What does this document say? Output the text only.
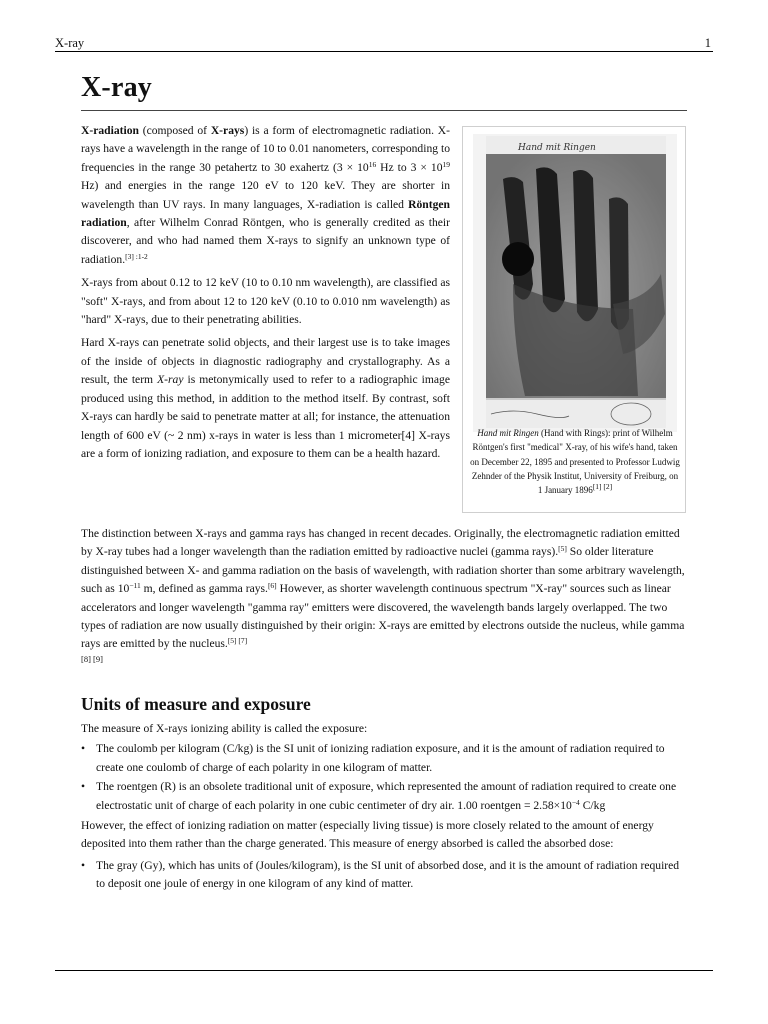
X-ray	1
X-ray

X-radiation (composed of X-rays) is a form of electromagnetic radiation. X-rays have a wavelength in the range of 10 to 0.01 nanometers, corresponding to frequencies in the range 30 petahertz to 30 exahertz ($3 \times 10^{16}$ Hz to $3 \times 10^{19}$ Hz) and energies in the range 120 eV to 120 keV. They are shorter in wavelength than UV rays. In many languages, X-radiation is called Röntgen radiation, after Wilhelm Conrad Röntgen, who is generally credited as their discoverer, and who had named them X-rays to signify an unknown type of radiation.$^{[3] :1-2}$

X-rays from about 0.12 to 12 keV (10 to 0.10 nm wavelength), are classified as "soft" X-rays, and from about 12 to 120 keV (0.10 to 0.010 nm wavelength) as "hard" X-rays, due to their penetrating abilities.

Hard X-rays can penetrate solid objects, and their largest use is to take images of the inside of objects in diagnostic radiography and crystallography. As a result, the term X-ray is metonymically used to refer to a radiographic image produced using this method, in addition to the method itself. By contrast, soft X-rays can hardly be said to penetrate matter at all; for instance, the attenuation length of 600 eV (~ 2 nm) x-rays in water is less than 1 micrometer[4] X-rays are a form of ionizing radiation, and exposure to them can be a health hazard.

Hand mit Ringen
Hand mit Ringen (Hand with Rings): print of Wilhelm Röntgen's first "medical" X-ray, of his wife's hand, taken on December 22, 1895 and presented to Professor Ludwig Zehnder of the Physik Institut, University of Freiburg, on 1 January 1896[1] [2]
The distinction between X-rays and gamma rays has changed in recent decades. Originally, the electromagnetic radiation emitted by X-ray tubes had a longer wavelength than the radiation emitted by radioactive nuclei (gamma rays).[5] So older literature distinguished between X- and gamma radiation on the basis of wavelength, with radiation shorter than some arbitrary wavelength, such as $10^{-11}$ m, defined as gamma rays.[6] However, as shorter wavelength continuous spectrum "X-ray" sources such as linear accelerators and longer wavelength "gamma ray" emitters were discovered, the wavelength bands largely overlapped. The two types of radiation are now usually distinguished by their origin: X-rays are emitted by electrons outside the nucleus, while gamma rays are emitted by the nucleus.[5] [7]
[8] [9]
Units of measure and exposure
The measure of X-rays ionizing ability is called the exposure:
• The coulomb per kilogram (C/kg) is the SI unit of ionizing radiation exposure, and it is the amount of radiation required to create one coulomb of charge of each polarity in one kilogram of matter.
• The roentgen (R) is an obsolete traditional unit of exposure, which represented the amount of radiation required to create one electrostatic unit of charge of each polarity in one cubic centimeter of dry air. 1.00 roentgen = $2.58\times 10^{-4}$ C/kg
However, the effect of ionizing radiation on matter (especially living tissue) is more closely related to the amount of energy deposited into them rather than the charge generated. This measure of energy absorbed is called the absorbed dose:
• The gray (Gy), which has units of (Joules/kilogram), is the SI unit of absorbed dose, and it is the amount of radiation required to deposit one joule of energy in one kilogram of any kind of matter.
